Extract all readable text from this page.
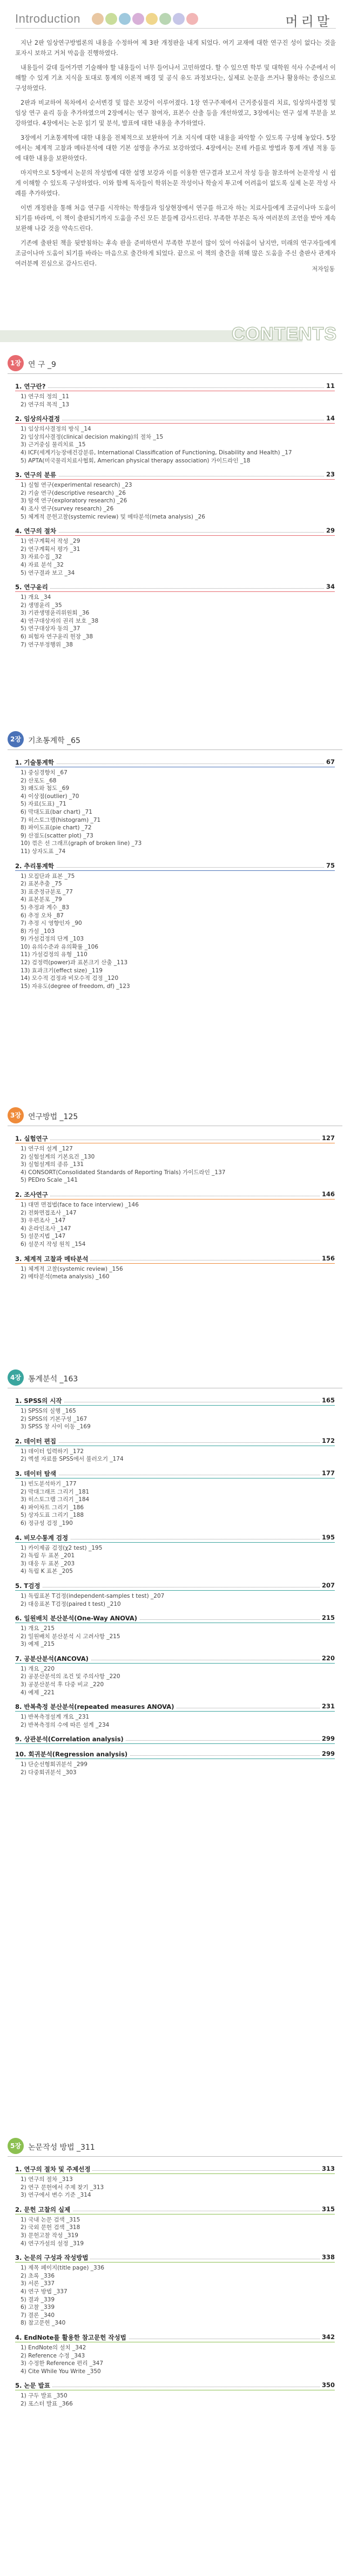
Introduction	머리말

지난 2판 임상연구방법론의 내용을 수정하여 제 3판 개정판을 내게 되었다. 여기 교재에 대한 연구진 성이 없다는 것을 포자시 보하고 거처 막음을 진행하였다.

내용들이 갈데 들어가면 기술해야 할 내용들이 너무 들어나서 고민하였다. 할 수 있으면 학부 및 대학원 석사 수준에서 이해할 수 있게 기초 지식을 토대로 통계의 이론적 배경 및 공식 유도 과정보다는, 실제로 논문을 쓰거나 활용하는 중심으로 구성하였다.

2판과 비교하여 목차에서 순서변경 및 많은 보강이 이루어졌다. 1장 연구주제에서 근거중심물리 치료, 임상의사결정 및 임상 연구 윤리 등을 추가하였으며 2장에서는 연구 참여자, 표본수 산출 등을 개선하였고, 3장에서는 연구 설계 부분을 보강하였다. 4장에서는 논문 읽기 및 분석, 발표에 대한 내용을 추가하였다.

3장에서 기초통계학에 대한 내용을 전체적으로 보완하여 기초 지식에 대한 내용을 파악할 수 있도록 구성해 놓았다. 5장에서는 체계적 고찰과 메타분석에 대한 기본 설명을 추가로 보강하였다. 4장에서는 몬테 카를로 방법과 통계 개념 적용 등에 대한 내용을 보완하였다.

마지막으로 5장에서 논문의 작성법에 대한 설명 보강과 이를 이용한 연구결과 보고서 작성 등을 참조하여 논문작성 시 쉽게 이해할 수 있도록 구성하였다. 이와 함께 독자들이 학위논문 작성이나 학술지 투고에 어려움이 없도록 실제 논문 작성 사례를 추가하였다.

이번 개정판을 통해 처음 연구를 시작하는 학생들과 임상현장에서 연구를 하고자 하는 치료사들에게 조금이나마 도움이 되기를 바라며, 이 책이 출판되기까지 도움을 주신 모든 분들께 감사드린다. 부족한 부분은 독자 여러분의 조언을 받아 계속 보완해 나갈 것을 약속드린다.

기존에 출판된 책을 뒷받침하는 후속 판을 준비하면서 부족한 부분이 많이 있어 아쉬움이 남지만, 미래의 연구자들에게 조금이나마 도움이 되기를 바라는 마음으로 출간하게 되었다. 끝으로 이 책의 출간을 위해 많은 도움을 주신 출판사 관계자 여러분께 진심으로 감사드린다.

저자일동
CONTENTS
1장 연 구 _9
1. 연구란?	11
1) 연구의 정의 _11
2) 연구의 목적 _13
2. 임상의사결정	14
1) 임상의사결정의 방식 _14
2) 임상의사결정(clinical decision making)의 절차 _15
3) 근거중심 물리치료 _15
4) ICF(세계기능장애건강분류, International Classification of Functioning, Disability and Health) _17
5) APTA(미국물리치료사협회, American physical therapy association) 가이드라인 _18
3. 연구의 분류	23
1) 실험 연구(experimental research) _23
2) 기술 연구(descriptive research) _26
3) 탐색 연구(exploratory research) _26
4) 조사 연구(survey research) _26
5) 체계적 문헌고찰(systemic review) 및 메타분석(meta analysis) _26
4. 연구의 절차	29
1) 연구계획서 작성 _29
2) 연구계획서 평가 _31
3) 자료수집 _32
4) 자료 분석 _32
5) 연구결과 보고 _34
5. 연구윤리	34
1) 개요 _34
2) 생명윤리 _35
3) 기관생명윤리위원회 _36
4) 연구대상자의 권리 보호 _38
5) 연구대상자 동의 _37
6) 피험자 연구윤리 헌장 _38
7) 연구부정행위 _38
2장 기초통계학 _65
1. 기술통계학	67
1) 중심경향치 _67
2) 산포도 _68
3) 왜도와 첨도 _69
4) 이상점(outlier) _70
5) 자료(도표) _71
6) 막대도표(bar chart) _71
7) 히스토그램(histogram) _71
8) 파이도표(pie chart) _72
9) 산점도(scatter plot) _73
10) 꺾은 선 그래프(graph of broken line) _73
11) 상자도표 _74
2. 추리통계학	75
1) 모집단과 표본 _75
2) 표본추출 _75
3) 표준정규분포 _77
4) 표본분포 _79
5) 추정과 계수 _83
6) 추정 오차 _87
7) 추정 시 영향인자 _90
8) 가설 _103
9) 가설검정의 단계 _103
10) 유의수준과 유의확률 _106
11) 가설검정의 유형 _110
12) 검정력(power)과 표본크기 산출 _113
13) 효과크기(effect size) _119
14) 모수적 검정과 비모수적 검정 _120
15) 자유도(degree of freedom, df) _123
3장 연구방법 _125
1. 실험연구	127
1) 연구의 설계 _127
2) 실험설계의 기본요건 _130
3) 실험설계의 종류 _131
4) CONSORT(Consolidated Standards of Reporting Trials) 가이드라인 _137
5) PEDro Scale _141
2. 조사연구	146
1) 대면 면접법(face to face interview) _146
2) 전화면접조사 _147
3) 우편조사 _147
4) 온라인조사 _147
5) 설문지법 _147
6) 설문지 작성 원칙 _154
3. 체계적 고찰과 메타분석	156
1) 체계적 고찰(systemic review) _156
2) 메타분석(meta analysis) _160
4장 통계분석 _163
1. SPSS의 시작	165
1) SPSS의 실행 _165
2) SPSS의 기본구성 _167
3) SPSS 창 사이 이동 _169
2. 데이터 편집	172
1) 데이터 입력하기 _172
2) 엑셀 자료를 SPSS에서 불러오기 _174
3. 데이터 탐색	177
1) 빈도분석하기 _177
2) 막대그래프 그리기 _181
3) 히스토그램 그리기 _184
4) 파이차트 그리기 _186
5) 상자도표 그리기 _188
6) 정규성 검정 _190
4. 비모수통계 검정	195
1) 카이제곱 검정(χ2 test) _195
2) 독립 두 표본 _201
3) 대응 두 표본 _203
4) 독립 K 표본 _205
5. T검정	207
1) 독립표본 T검정(independent-samples t test) _207
2) 대응표본 T검정(paired t test) _210
6. 일원배치 분산분석(One-Way ANOVA)	215
1) 개요 _215
2) 일원배치 분산분석 시 고려사항 _215
3) 예제 _215
7. 공분산분석(ANCOVA)	220
1) 개요 _220
2) 공분산분석의 조건 및 주의사항 _220
3) 공분산분석 후 다중 비교 _220
4) 예제 _221
8. 반복측정 분산분석(repeated measures ANOVA)	231
1) 반복측정설계 개요 _231
2) 반복측정의 수에 따른 설계 _234
9. 상관분석(Correlation analysis)	299
10. 회귀분석(Regression analysis)	299
1) 단순선형회귀분석 _299
2) 다중회귀분석 _303
5장 논문작성 방법 _311
1. 연구의 절차 및 주제선정	313
1) 연구의 절차 _313
2) 연구 문헌에서 주제 찾기 _313
3) 연구에서 변수 기준 _314
2. 문헌 고찰의 실제	315
1) 국내 논문 검색 _315
2) 국외 문헌 검색 _318
3) 문헌고찰 작성 _319
4) 연구가설의 설정 _319
3. 논문의 구성과 작성방법	338
1) 제목 페이지(title page) _336
2) 초록 _336
3) 서론 _337
4) 연구 방법 _337
5) 결과 _339
6) 고찰 _339
7) 결론 _340
8) 참고문헌 _340
4. EndNote를 활용한 참고문헌 작성법	342
1) EndNote의 설치 _342
2) Reference 수정 _343
3) 수정한 Reference 편리 _347
4) Cite While You Write _350
5. 논문 발표	350
1) 구두 발표 _350
2) 포스터 발표 _366
